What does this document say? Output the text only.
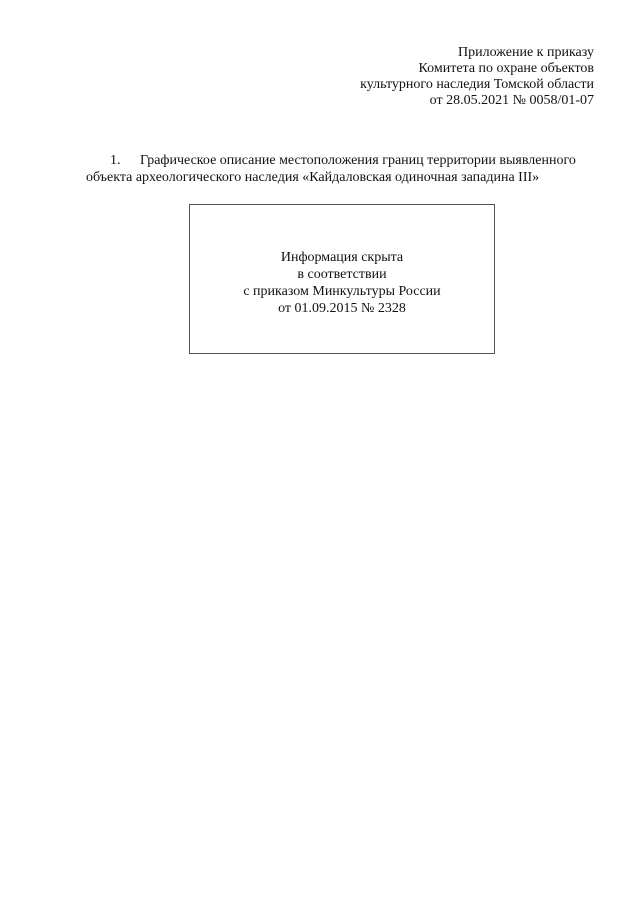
Приложение к приказу
Комитета по охране объектов
культурного наследия Томской области
от 28.05.2021 № 0058/01-07
1. Графическое описание местоположения границ территории выявленного
объекта археологического наследия «Кайдаловская одиночная западина III»
Информация скрыта
в соответствии
с приказом Минкультуры России
от 01.09.2015 № 2328
